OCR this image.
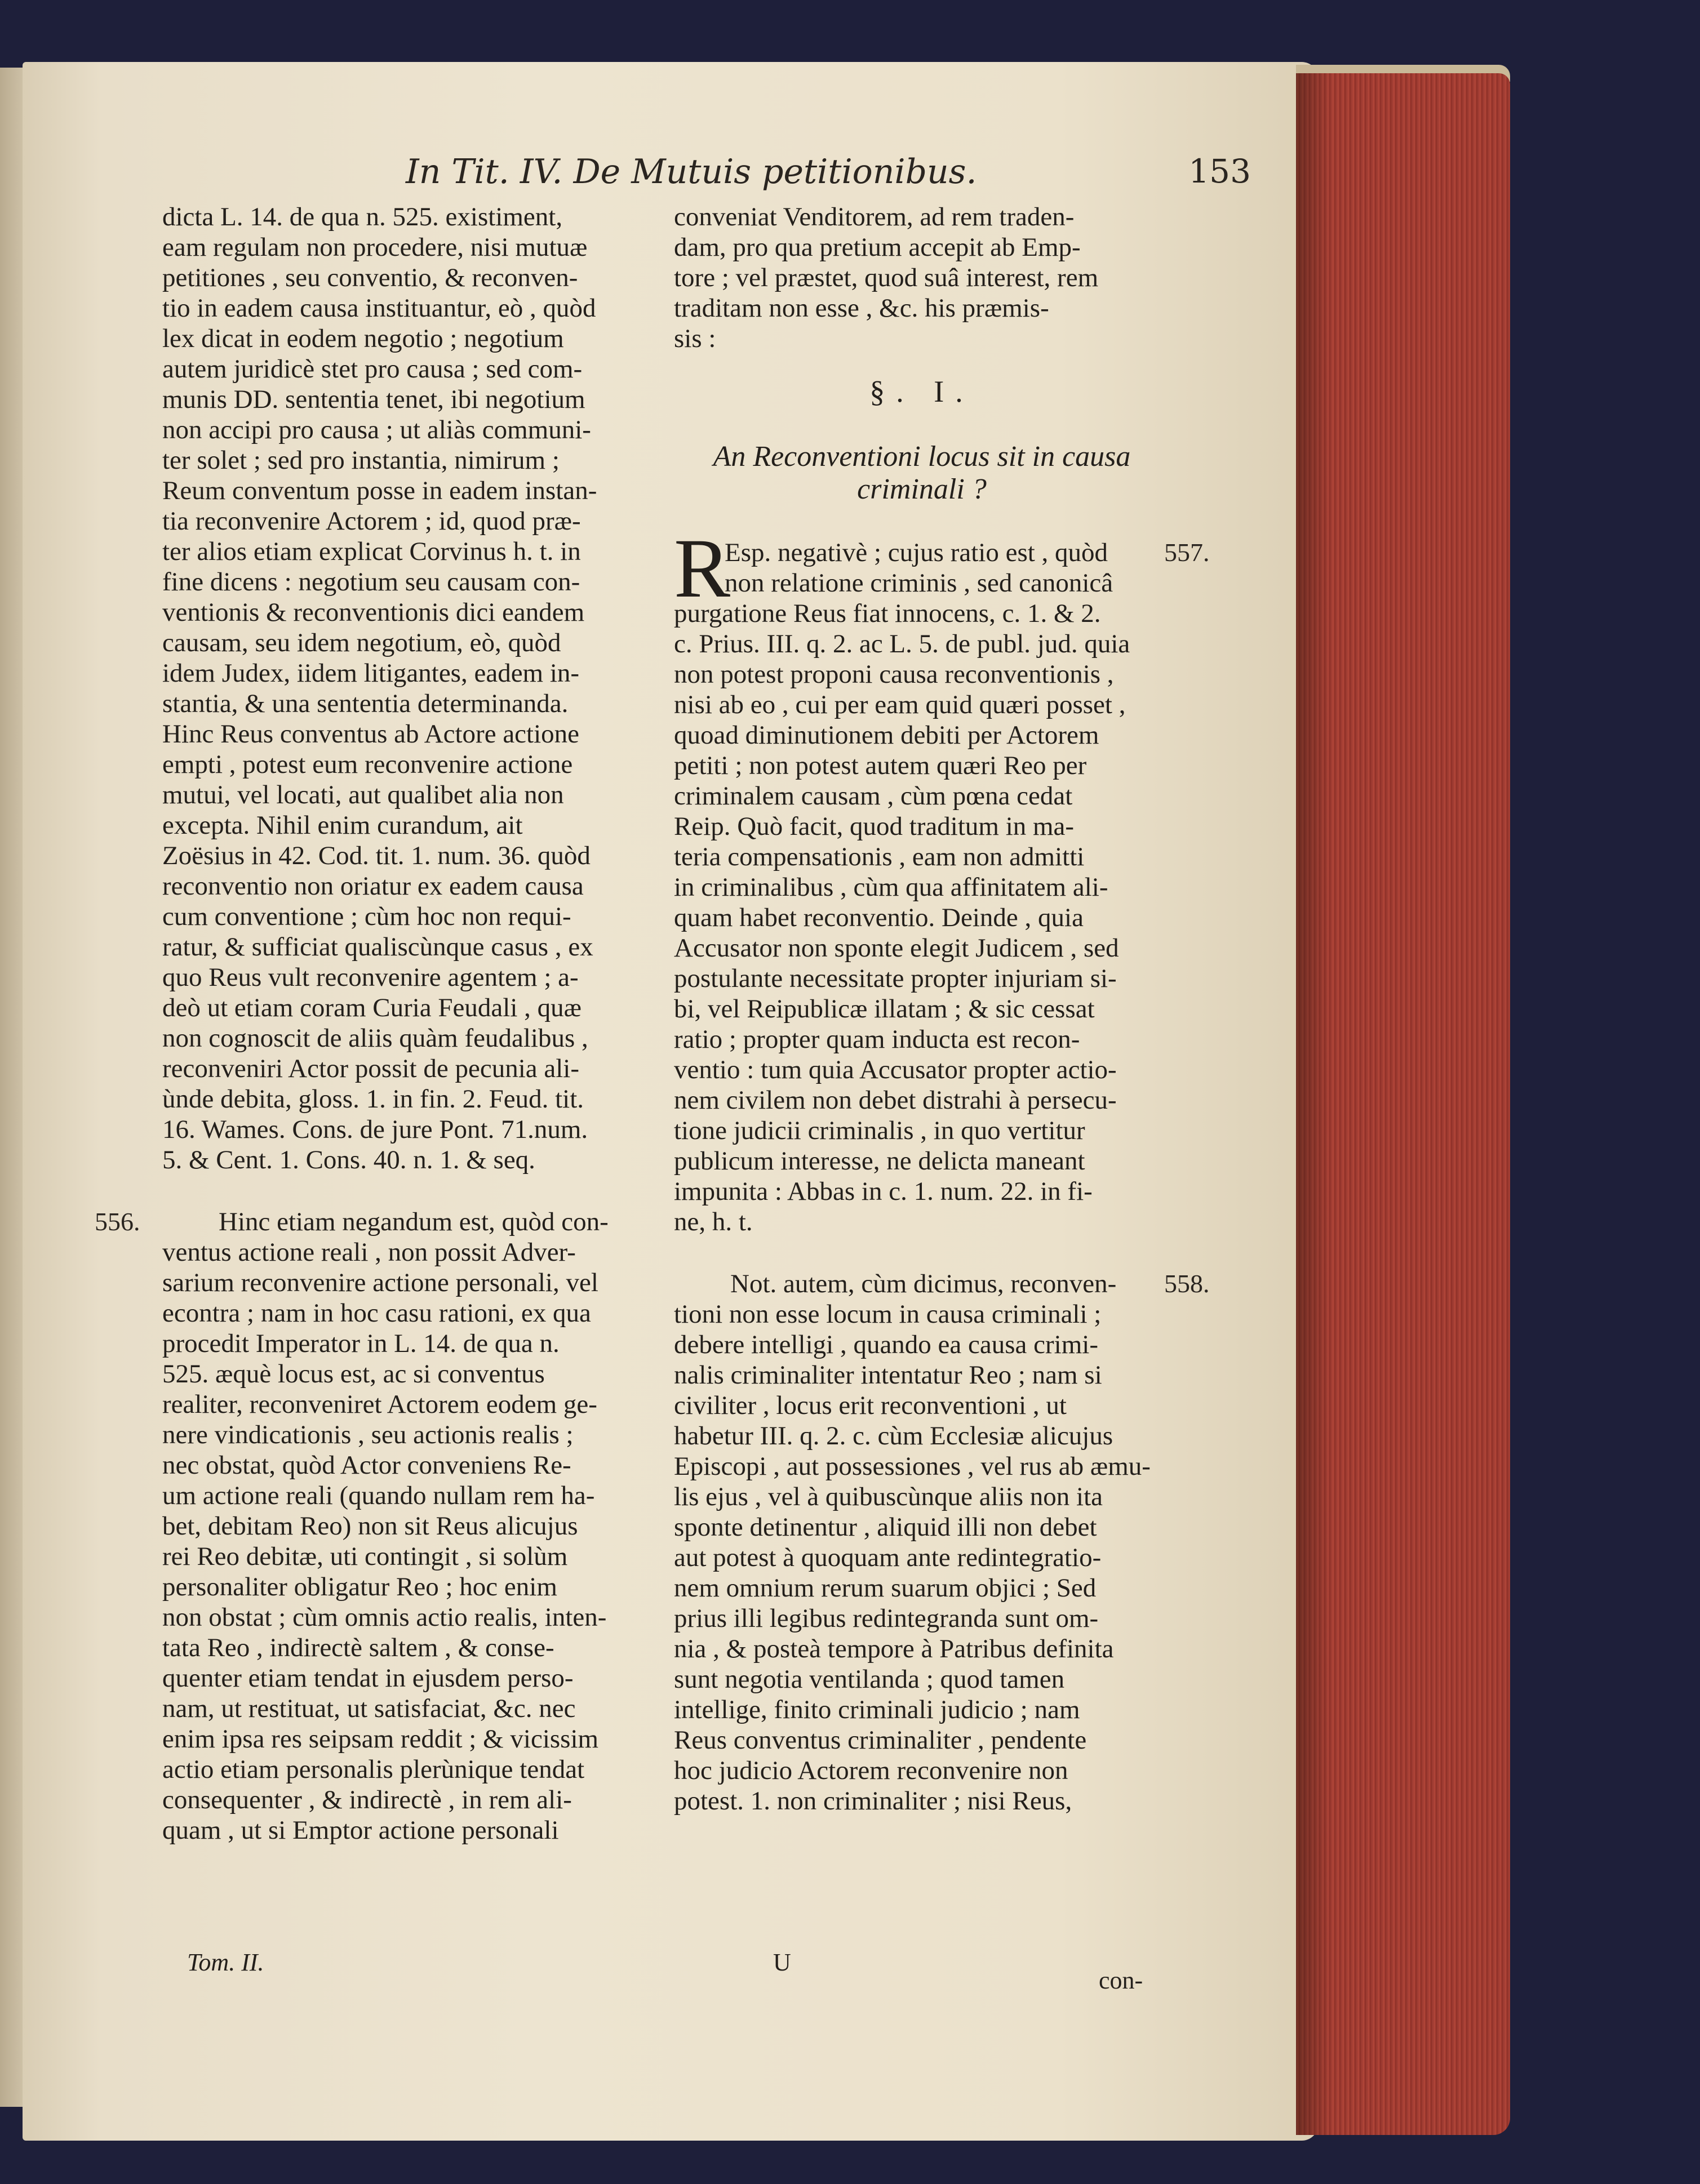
In Tit. IV. De Mutuis petitionibus.	153
dicta L. 14. de qua n. 525. existiment,
eam regulam non procedere, nisi mutuæ
petitiones , seu conventio, & reconven-
tio in eadem causa instituantur, eò , quòd
lex dicat in eodem negotio ; negotium
autem juridicè stet pro causa ; sed com-
munis DD. sententia tenet, ibi negotium
non accipi pro causa ; ut aliàs communi-
ter solet ; sed pro instantia, nimirum ;
Reum conventum posse in eadem instan-
tia reconvenire Actorem ; id, quod præ-
ter alios etiam explicat Corvinus h. t. in
fine dicens : negotium seu causam con-
ventionis & reconventionis dici eandem
causam, seu idem negotium, eò, quòd
idem Judex, iidem litigantes, eadem in-
stantia, & una sententia determinanda.
Hinc Reus conventus ab Actore actione
empti , potest eum reconvenire actione
mutui, vel locati, aut qualibet alia non
excepta. Nihil enim curandum, ait
Zoësius in 42. Cod. tit. 1. num. 36. quòd
reconventio non oriatur ex eadem causa
cum conventione ; cùm hoc non requi-
ratur, & sufficiat qualiscùnque casus , ex
quo Reus vult reconvenire agentem ; a-
deò ut etiam coram Curia Feudali , quæ
non cognoscit de aliis quàm feudalibus ,
reconveniri Actor possit de pecunia ali-
ùnde debita, gloss. 1. in fin. 2. Feud. tit.
16. Wames. Cons. de jure Pont. 71.num.
5. & Cent. 1. Cons. 40. n. 1. & seq.
Hinc etiam negandum est, quòd con-
ventus actione reali , non possit Adver-
sarium reconvenire actione personali, vel
econtra ; nam in hoc casu rationi, ex qua
procedit Imperator in L. 14. de qua n.
525. æquè locus est, ac si conventus
realiter, reconveniret Actorem eodem ge-
nere vindicationis , seu actionis realis ;
nec obstat, quòd Actor conveniens Re-
um actione reali (quando nullam rem ha-
bet, debitam Reo) non sit Reus alicujus
rei Reo debitæ, uti contingit , si solùm
personaliter obligatur Reo ; hoc enim
non obstat ; cùm omnis actio realis, inten-
tata Reo , indirectè saltem , & conse-
quenter etiam tendat in ejusdem perso-
nam, ut restituat, ut satisfaciat, &c. nec
enim ipsa res seipsam reddit ; & vicissim
actio etiam personalis plerùnique tendat
consequenter , & indirectè , in rem ali-
quam , ut si Emptor actione personali
conveniat Venditorem, ad rem traden-
dam, pro qua pretium accepit ab Emp-
tore ; vel præstet, quod suâ interest, rem
traditam non esse , &c. his præmis-
sis :
§. I.
An Reconventioni locus sit in causa
criminali ?
Esp. negativè ; cujus ratio est , quòd
non relatione criminis , sed canonicâ
purgatione Reus fiat innocens, c. 1. & 2.
c. Prius. III. q. 2. ac L. 5. de publ. jud. quia
non potest proponi causa reconventionis ,
nisi ab eo , cui per eam quid quæri posset ,
quoad diminutionem debiti per Actorem
petiti ; non potest autem quæri Reo per
criminalem causam , cùm pœna cedat
Reip. Quò facit, quod traditum in ma-
teria compensationis , eam non admitti
in criminalibus , cùm qua affinitatem ali-
quam habet reconventio. Deinde , quia
Accusator non sponte elegit Judicem , sed
postulante necessitate propter injuriam si-
bi, vel Reipublicæ illatam ; & sic cessat
ratio ; propter quam inducta est recon-
ventio : tum quia Accusator propter actio-
nem civilem non debet distrahi à persecu-
tione judicii criminalis , in quo vertitur
publicum interesse, ne delicta maneant
impunita : Abbas in c. 1. num. 22. in fi-
ne, h. t.
Not. autem, cùm dicimus, reconven-
tioni non esse locum in causa criminali ;
debere intelligi , quando ea causa crimi-
nalis criminaliter intentatur Reo ; nam si
civiliter , locus erit reconventioni , ut
habetur III. q. 2. c. cùm Ecclesiæ alicujus
Episcopi , aut possessiones , vel rus ab æmu-
lis ejus , vel à quibuscùnque aliis non ita
sponte detinentur , aliquid illi non debet
aut potest à quoquam ante redintegratio-
nem omnium rerum suarum objici ; Sed
prius illi legibus redintegranda sunt om-
nia , & posteà tempore à Patribus definita
sunt negotia ventilanda ; quod tamen
intellige, finito criminali judicio ; nam
Reus conventus criminaliter , pendente
hoc judicio Actorem reconvenire non
potest. 1. non criminaliter ; nisi Reus,
R
556.
557.
558.
Tom. II.	U
con-
